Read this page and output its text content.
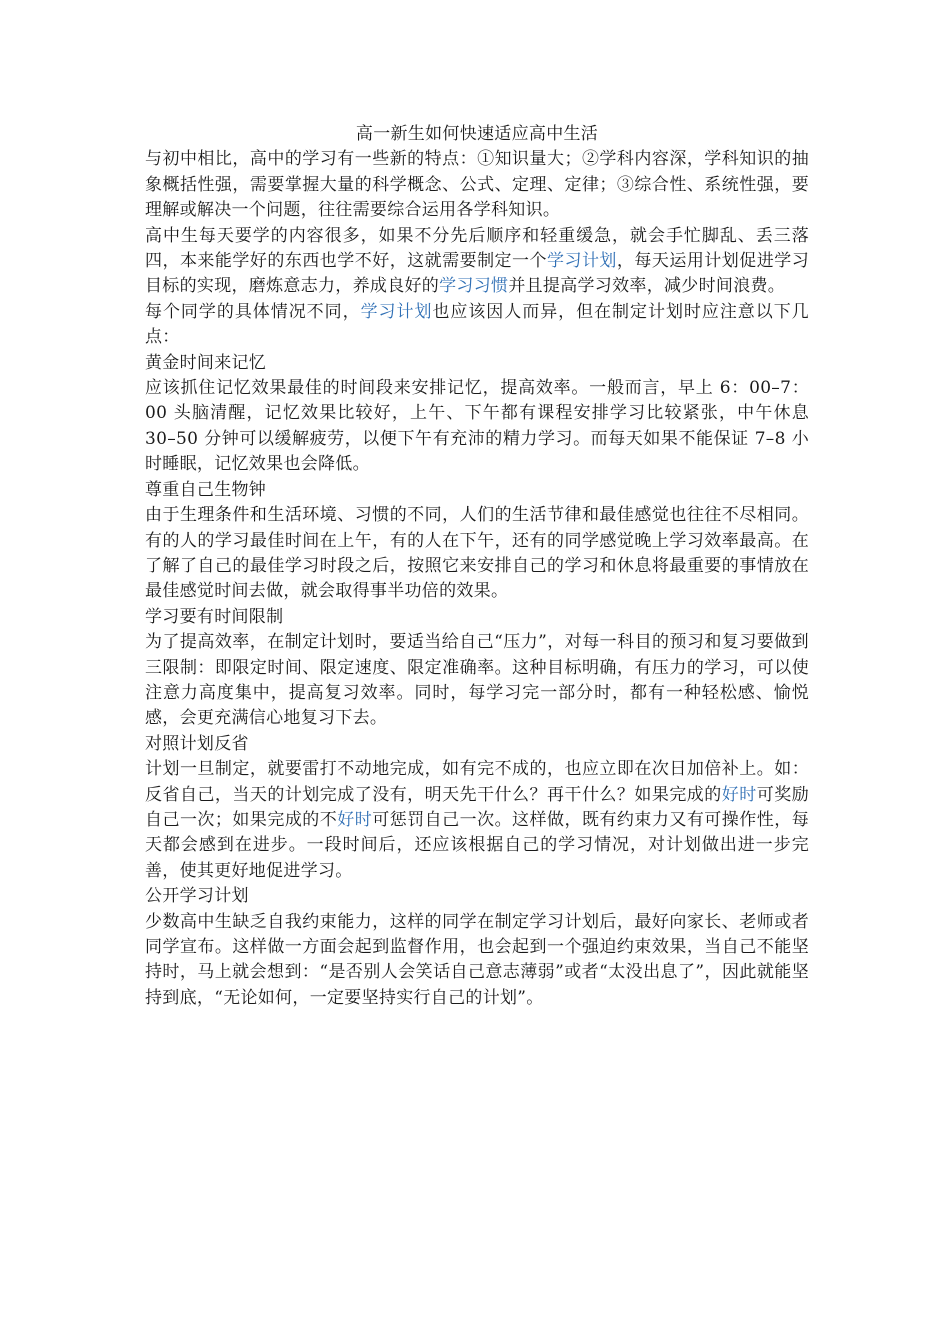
高一新生如何快速适应高中生活

与初中相比，高中的学习有一些新的特点：①知识量大；②学科内容深，学科知识的抽象概括性强，需要掌握大量的科学概念、公式、定理、定律；③综合性、系统性强，要理解或解决一个问题，往往需要综合运用各学科知识。

高中生每天要学的内容很多，如果不分先后顺序和轻重缓急，就会手忙脚乱、丢三落四，本来能学好的东西也学不好，这就需要制定一个学习计划，每天运用计划促进学习目标的实现，磨炼意志力，养成良好的学习习惯并且提高学习效率，减少时间浪费。

每个同学的具体情况不同，学习计划也应该因人而异，但在制定计划时应注意以下几点：

黄金时间来记忆

应该抓住记忆效果最佳的时间段来安排记忆，提高效率。一般而言，早上 6：00–7：00 头脑清醒，记忆效果比较好，上午、下午都有课程安排学习比较紧张，中午休息 30–50 分钟可以缓解疲劳，以便下午有充沛的精力学习。而每天如果不能保证 7–8 小时睡眠，记忆效果也会降低。

尊重自己生物钟

由于生理条件和生活环境、习惯的不同，人们的生活节律和最佳感觉也往往不尽相同。有的人的学习最佳时间在上午，有的人在下午，还有的同学感觉晚上学习效率最高。在了解了自己的最佳学习时段之后，按照它来安排自己的学习和休息将最重要的事情放在最佳感觉时间去做，就会取得事半功倍的效果。

学习要有时间限制

为了提高效率，在制定计划时，要适当给自己“压力”，对每一科目的预习和复习要做到三限制：即限定时间、限定速度、限定准确率。这种目标明确，有压力的学习，可以使注意力高度集中，提高复习效率。同时，每学习完一部分时，都有一种轻松感、愉悦感，会更充满信心地复习下去。

对照计划反省

计划一旦制定，就要雷打不动地完成，如有完不成的，也应立即在次日加倍补上。如：反省自己，当天的计划完成了没有，明天先干什么？再干什么？如果完成的好时可奖励自己一次；如果完成的不好时可惩罚自己一次。这样做，既有约束力又有可操作性，每天都会感到在进步。一段时间后，还应该根据自己的学习情况，对计划做出进一步完善，使其更好地促进学习。

公开学习计划

少数高中生缺乏自我约束能力，这样的同学在制定学习计划后，最好向家长、老师或者同学宣布。这样做一方面会起到监督作用，也会起到一个强迫约束效果，当自己不能坚持时，马上就会想到：“是否别人会笑话自己意志薄弱”或者“太没出息了”，因此就能坚持到底，“无论如何，一定要坚持实行自己的计划”。
